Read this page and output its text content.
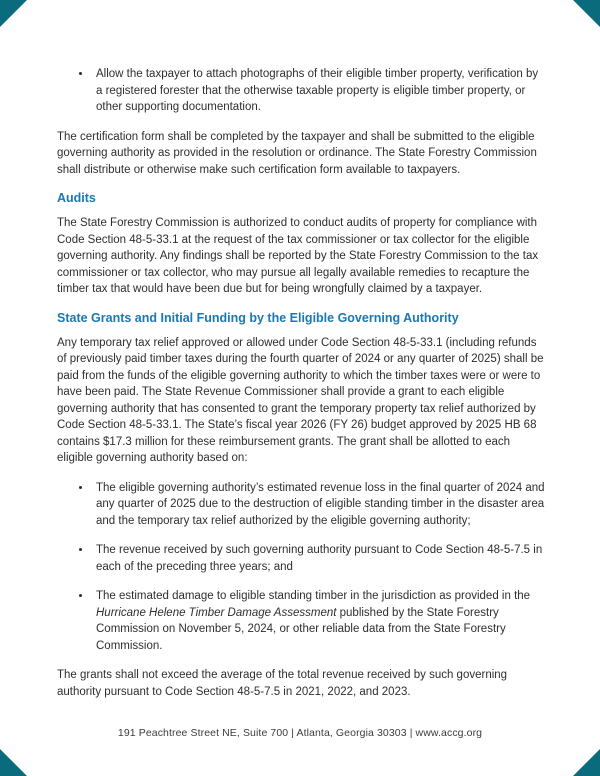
• Allow the taxpayer to attach photographs of their eligible timber property, verification by a registered forester that the otherwise taxable property is eligible timber property, or other supporting documentation.

The certification form shall be completed by the taxpayer and shall be submitted to the eligible governing authority as provided in the resolution or ordinance. The State Forestry Commission shall distribute or otherwise make such certification form available to taxpayers.

Audits

The State Forestry Commission is authorized to conduct audits of property for compliance with Code Section 48-5-33.1 at the request of the tax commissioner or tax collector for the eligible governing authority. Any findings shall be reported by the State Forestry Commission to the tax commissioner or tax collector, who may pursue all legally available remedies to recapture the timber tax that would have been due but for being wrongfully claimed by a taxpayer.

State Grants and Initial Funding by the Eligible Governing Authority

Any temporary tax relief approved or allowed under Code Section 48-5-33.1 (including refunds of previously paid timber taxes during the fourth quarter of 2024 or any quarter of 2025) shall be paid from the funds of the eligible governing authority to which the timber taxes were or were to have been paid. The State Revenue Commissioner shall provide a grant to each eligible governing authority that has consented to grant the temporary property tax relief authorized by Code Section 48-5-33.1. The State’s fiscal year 2026 (FY 26) budget approved by 2025 HB 68 contains $17.3 million for these reimbursement grants. The grant shall be allotted to each eligible governing authority based on:

• The eligible governing authority’s estimated revenue loss in the final quarter of 2024 and any quarter of 2025 due to the destruction of eligible standing timber in the disaster area and the temporary tax relief authorized by the eligible governing authority;
• The revenue received by such governing authority pursuant to Code Section 48-5-7.5 in each of the preceding three years; and
• The estimated damage to eligible standing timber in the jurisdiction as provided in the Hurricane Helene Timber Damage Assessment published by the State Forestry Commission on November 5, 2024, or other reliable data from the State Forestry Commission.

The grants shall not exceed the average of the total revenue received by such governing authority pursuant to Code Section 48-5-7.5 in 2021, 2022, and 2023.

191 Peachtree Street NE, Suite 700 | Atlanta, Georgia 30303 | www.accg.org
